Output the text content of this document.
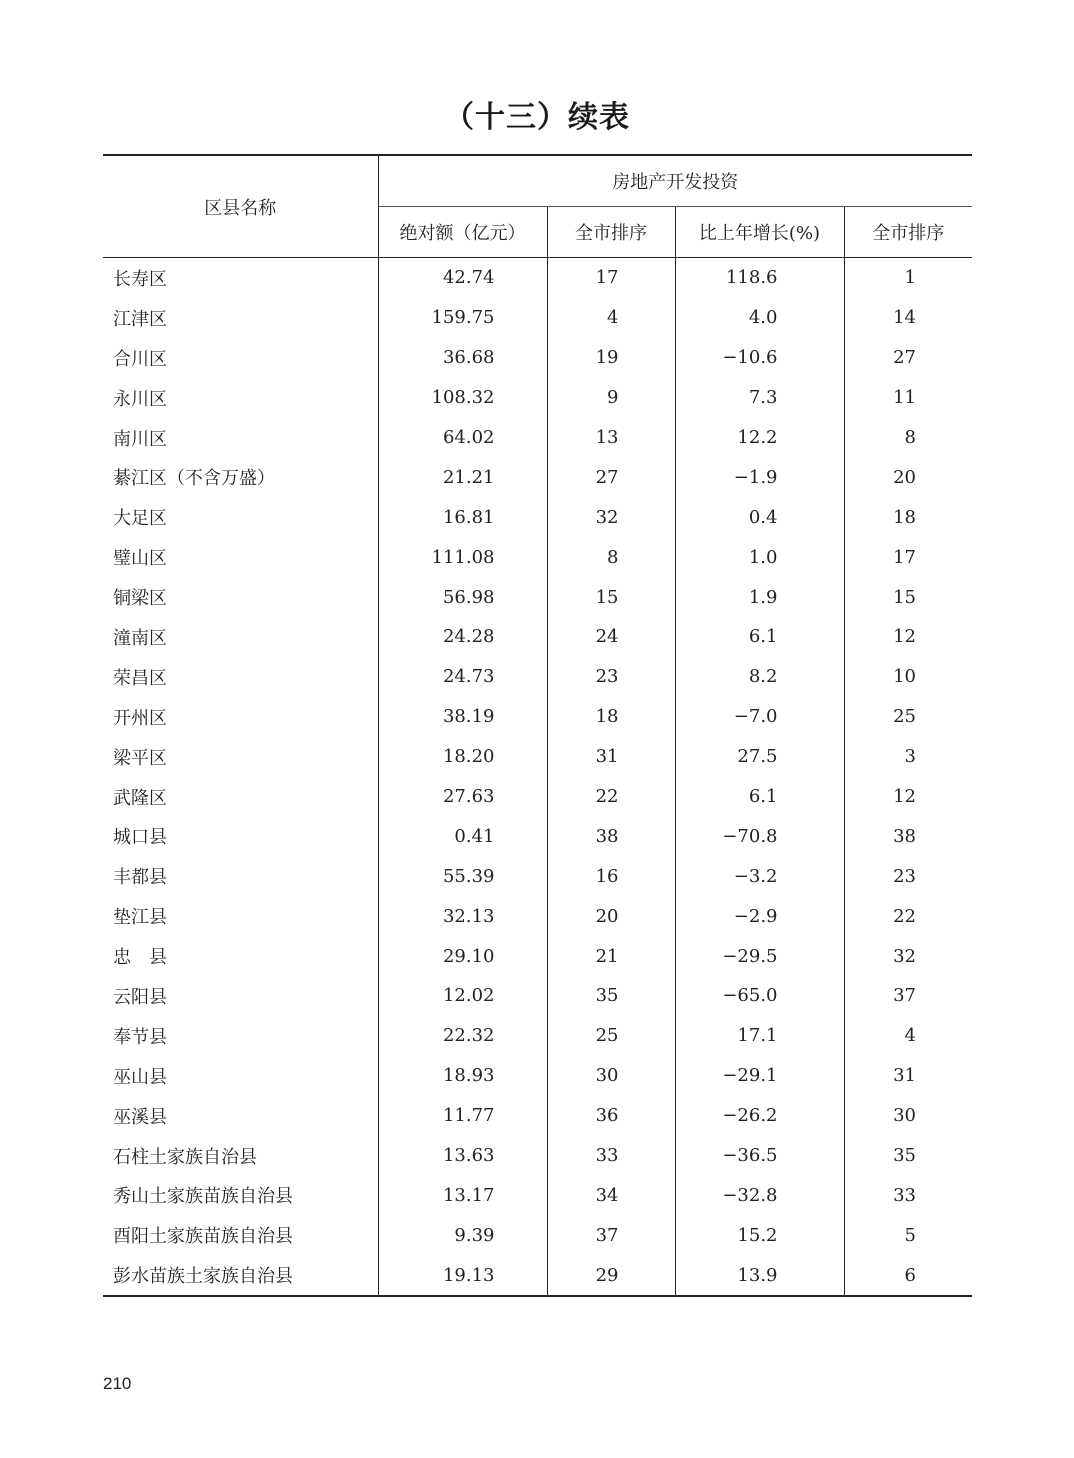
（十三）续表
区县名称	房地产开发投资			
	绝对额（亿元）	全市排序	比上年增长(%)	全市排序
长寿区	42.74	17	118.6	1
江津区	159.75	4	4.0	14
合川区	36.68	19	−10.6	27
永川区	108.32	9	7.3	11
南川区	64.02	13	12.2	8
綦江区（不含万盛）	21.21	27	−1.9	20
大足区	16.81	32	0.4	18
璧山区	111.08	8	1.0	17
铜梁区	56.98	15	1.9	15
潼南区	24.28	24	6.1	12
荣昌区	24.73	23	8.2	10
开州区	38.19	18	−7.0	25
梁平区	18.20	31	27.5	3
武隆区	27.63	22	6.1	12
城口县	0.41	38	−70.8	38
丰都县	55.39	16	−3.2	23
垫江县	32.13	20	−2.9	22
忠　县	29.10	21	−29.5	32
云阳县	12.02	35	−65.0	37
奉节县	22.32	25	17.1	4
巫山县	18.93	30	−29.1	31
巫溪县	11.77	36	−26.2	30
石柱土家族自治县	13.63	33	−36.5	35
秀山土家族苗族自治县	13.17	34	−32.8	33
酉阳土家族苗族自治县	9.39	37	15.2	5
彭水苗族土家族自治县	19.13	29	13.9	6
210
